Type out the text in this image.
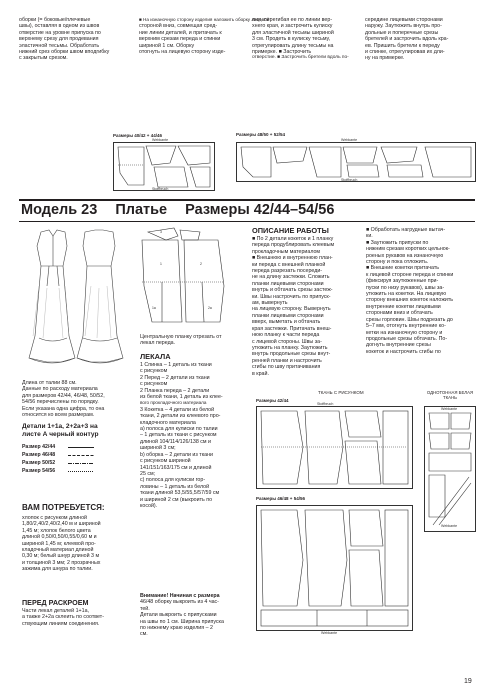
оборки (= боковые/плечевые

швы), оставляя в одном из швов

отверстие на уровне припуска по

верхнему срезу для продевания

эластичной тесьмы. Обработать

нижний срез оборки швом вподгибку

с закрытым срезом.

■ На изнаночную сторону изделия наложить оборку лицевой

стороной вниз, совмещая сред-

ние линии деталей, и притачать к

верхним срезам переда и спинки

шириной 1 см. Оборку

отогнуть на лицевую сторону изде-

лия, перегибая ее по линии вер-

хнего края, и застрочить кулиску

для эластичной тесьмы шириной

3 см. Продеть в кулиску тесьму,

отрегулировать длину тесьмы на

примерке. ■ Застрочить

отверстие. ■ Застрочить бретели вдоль по-

середине лицевыми сторонами

наружу. Заутюжить внутрь про-

дольные и поперечные срезы

бретелей и застрочить вдоль кра-

ев. Пришить бретели к переду

и спинке, отрегулировав их дли-

ну на примерке.

Размеры 40/42 + 44/46
Webkante
Stoffbruch
Размеры 48/50 + 52/54
Webkante
Stoffbruch
Модель 23 Платье Размеры 42/44–54/56

Длина от талии 88 см.

Данные по расходу материала

для размеров 42/44, 46/48, 50/52,

54/56 перечислены по порядку.

Если указана одна цифра, то она

относится ко всем размерам.

Детали 1+1а, 2+2а+3 на
листе А черный контур
Размер 42/44
Размер 46/48
Размер 50/52
Размер 54/56
ВАМ ПОТРЕБУЕТСЯ:

хлопок с рисунком длиной

1,80/2,40/2,40/2,40 м и шириной

1,45 м; хлопок белого цвета

длиной 0,50/0,50/0,55/0,60 м и

шириной 1,45 м; клеевой про-

кладочный материал длиной

0,30 м; белый шнур длиной 3 м

и толщиной 3 мм; 2 прозрачных

зажима для шнура по талии.

ПЕРЕД РАСКРОЕМ

Части лекал деталей 1+1а,

а также 2+2а склеить по соответ-

ствующим линиям соединения.

3
1
1a
2
2a

Центральную планку отрезать от

лекал переда.

ЛЕКАЛА

1 Спинка – 1 деталь из ткани

с рисунком

2 Перед – 2 детали из ткани

с рисунком

2 Планка переда – 2 детали

из белой ткани, 1 деталь из клее-

вого прокладочного материала

3 Кокетка – 4 детали из белой

ткани, 2 детали из клеевого про-

кладочного материала

а) полоса для кулиски по талии

– 1 деталь из ткани с рисунком

длиной 104/114/126/138 см и

шириной 3 см;

b) оборка – 2 детали из ткани

с рисунком шириной

141/151/163/175 см и длиной

25 см;

c) полоса для кулиски гор-

ловины – 1 деталь из белой

ткани длиной 53,5/55,5/57/59 см

и шириной 2 см (выкроить по

косой).

Внимание! Начиная с размера

46/48 оборку выкроить из 4 час-

тей.

Детали выкроить с припусками

на швы по 1 см. Ширина припуска

по нижнему краю изделия – 2

см.

ОПИСАНИЕ РАБОТЫ

■ По 2 детали кокеток и 1 планку

переда продублировать клеевым

прокладочным материалом

■ Внешнюю и внутреннюю план-

ки переда с внешней планкой

переда разрезать посереди-

не на длину застежки. Сложить

планки лицевыми сторонами

внутрь и обтачать срезы застеж-

ки. Швы настрочить по припуск-

ам, вывернуть

на лицевую сторону. Вывернуть

планки лицевыми сторонами

вверх, выметать и обтачать

края застежки. Притачать внеш-

нюю планку к части переда

с лицевой стороны. Швы за-

утюжить на планку. Заутюжить

внутрь продольные срезы внут-

ренней планки и настрочить

сгибы по шву притачивания

в край.

■ Обработать нагрудные вытач-

ки.

■ Заутюжить припуски по

нижним срезам коротких цельнок-

роеных рукавов на изнаночную

сторону и пока отложить.

■ Внешние кокетки притачать

к лицевой стороне переда и спинки

(фиксируя заутюженные при-

пуски по низу рукавов), швы за-

утюжить на кокетки. На лицевую

сторону внешних кокеток наложить

внутренние кокетки лицевыми

сторонами вниз и обтачать

срезы горловин. Швы подрезать до

5–7 мм, отогнуть внутренние ко-

кетки на изнаночную сторону и

продольные срезы обтачать. По-

догнуть внутренние срезы

кокеток и настрочить сгибы по

ТКАНЬ С РИСУНКОМ	ОДНОТОННАЯ БЕЛАЯ ТКАНЬ
Размеры 42/44
Stoffbruch
Размеры 46/48 + 54/56
Webkante
Webkante
Webkante
19
